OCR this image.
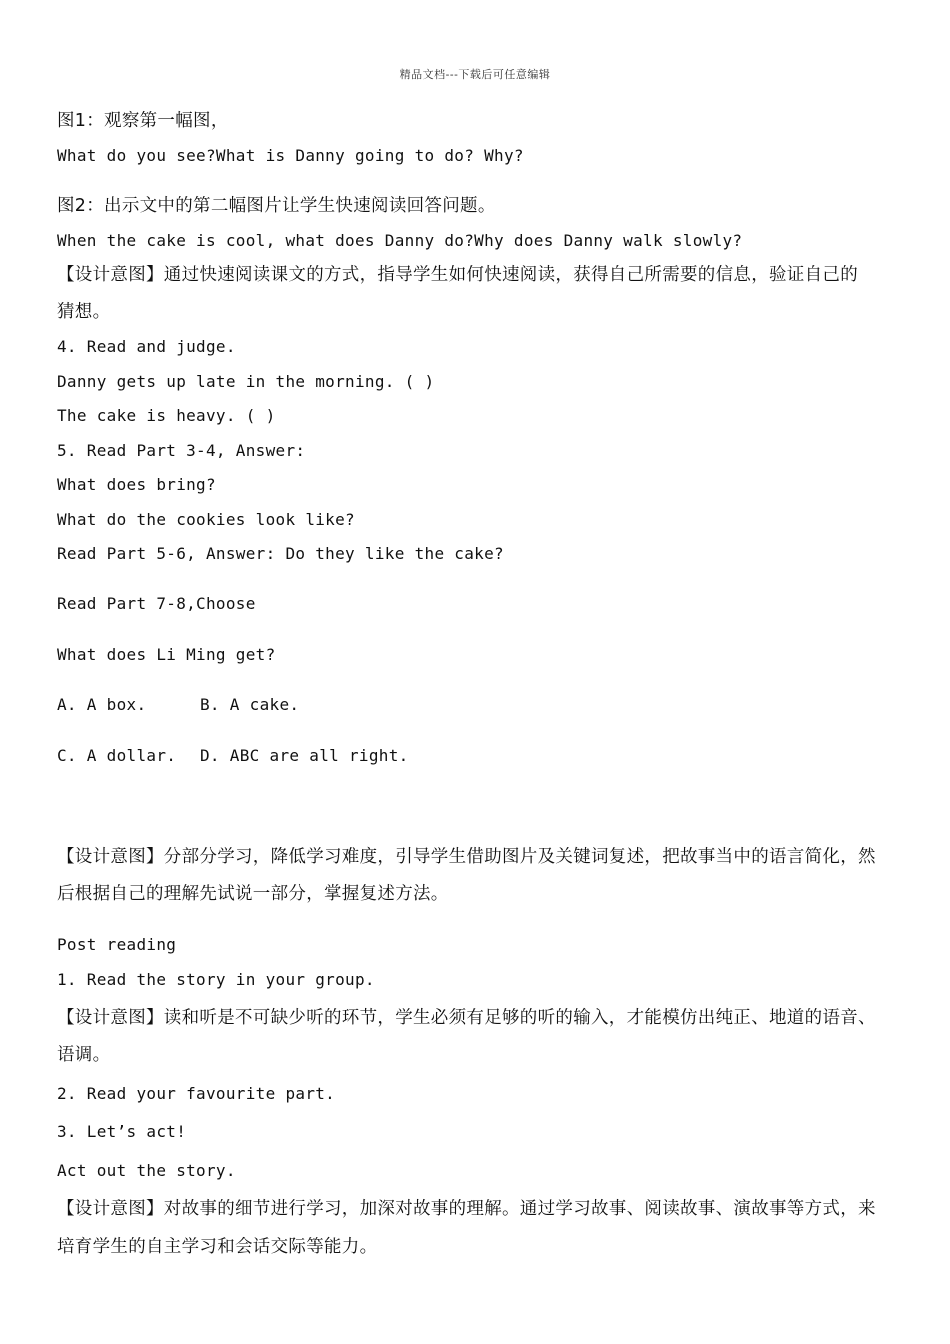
精品文档---下载后可任意编辑
图1：观察第一幅图，
What do you see?What is Danny going to do? Why?
图2：出示文中的第二幅图片让学生快速阅读回答问题。
When the cake is cool, what does Danny do?Why does Danny walk slowly?
【设计意图】通过快速阅读课文的方式，指导学生如何快速阅读，获得自己所需要的信息，验证自己的
猜想。
4. Read and judge.
Danny gets up late in the morning. ( )
The cake is heavy. ( )
5. Read Part 3-4, Answer:
What does bring?
What do the cookies look like?
Read Part 5-6, Answer: Do they like the cake?
Read Part 7-8,Choose
What does Li Ming get?
A. A box.	B. A cake.
C. A dollar. D. ABC are all right.
【设计意图】分部分学习，降低学习难度，引导学生借助图片及关键词复述，把故事当中的语言简化，然
后根据自己的理解先试说一部分，掌握复述方法。
Post reading
1. Read the story in your group.
【设计意图】读和听是不可缺少听的环节，学生必须有足够的听的输入，才能模仿出纯正、地道的语音、
语调。
2. Read your favourite part.
3. Let’s act!
Act out the story.
【设计意图】对故事的细节进行学习，加深对故事的理解。通过学习故事、阅读故事、演故事等方式，来
培育学生的自主学习和会话交际等能力。
